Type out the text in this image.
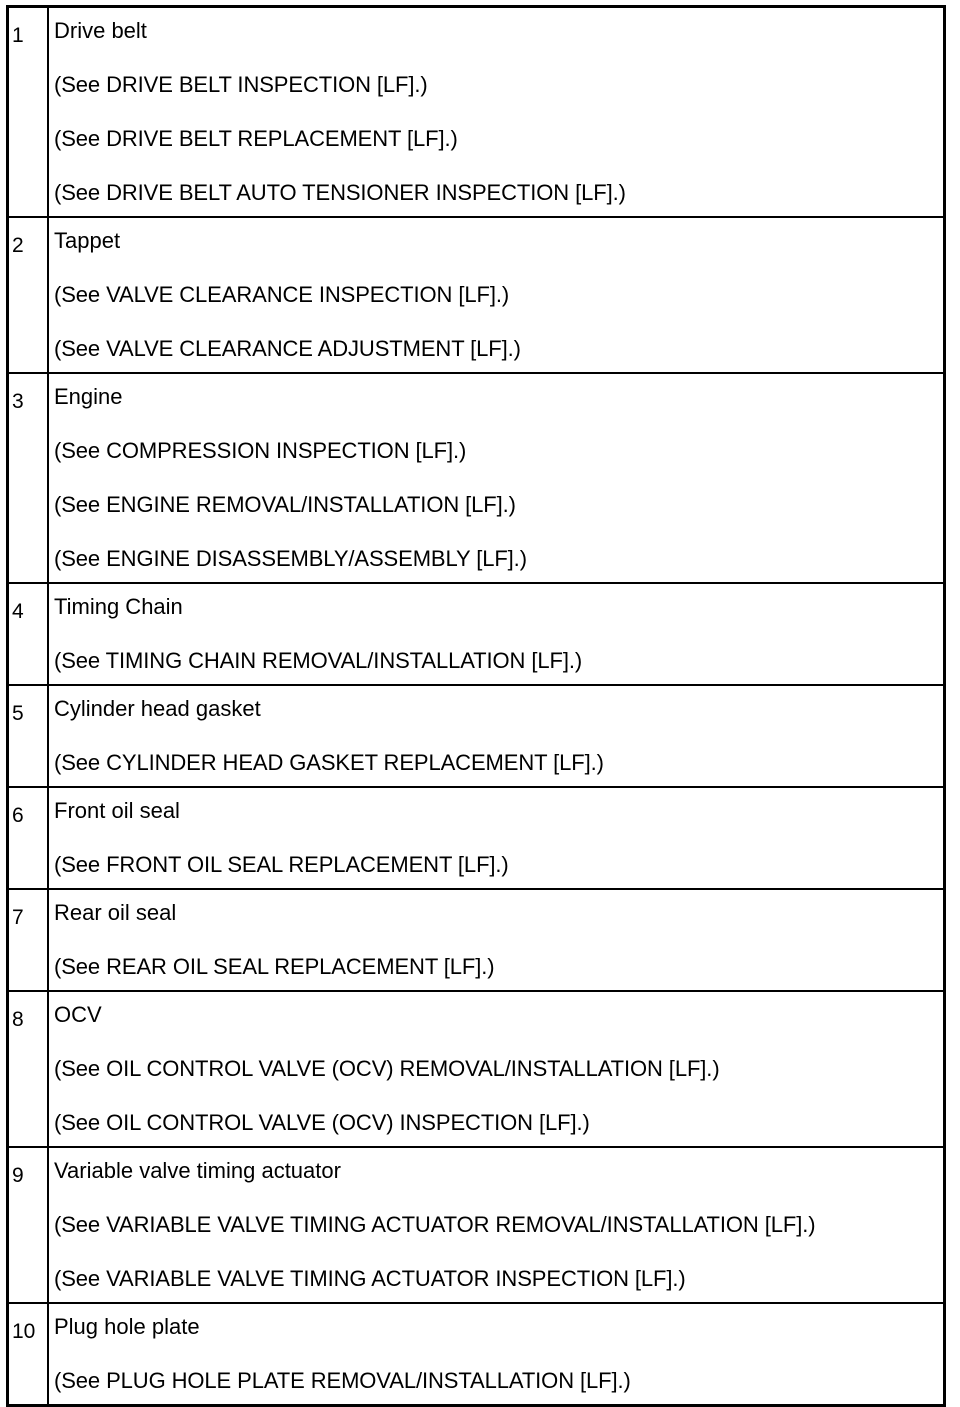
1	Drive belt
(See DRIVE BELT INSPECTION [LF].)
(See DRIVE BELT REPLACEMENT [LF].)
(See DRIVE BELT AUTO TENSIONER INSPECTION [LF].)

2	Tappet
(See VALVE CLEARANCE INSPECTION [LF].)
(See VALVE CLEARANCE ADJUSTMENT [LF].)

3	Engine
(See COMPRESSION INSPECTION [LF].)
(See ENGINE REMOVAL/INSTALLATION [LF].)
(See ENGINE DISASSEMBLY/ASSEMBLY [LF].)

4	Timing Chain
(See TIMING CHAIN REMOVAL/INSTALLATION [LF].)

5	Cylinder head gasket
(See CYLINDER HEAD GASKET REPLACEMENT [LF].)

6	Front oil seal
(See FRONT OIL SEAL REPLACEMENT [LF].)

7	Rear oil seal
(See REAR OIL SEAL REPLACEMENT [LF].)

8	OCV
(See OIL CONTROL VALVE (OCV) REMOVAL/INSTALLATION [LF].)
(See OIL CONTROL VALVE (OCV) INSPECTION [LF].)

9	Variable valve timing actuator
(See VARIABLE VALVE TIMING ACTUATOR REMOVAL/INSTALLATION [LF].)
(See VARIABLE VALVE TIMING ACTUATOR INSPECTION [LF].)

10	Plug hole plate
(See PLUG HOLE PLATE REMOVAL/INSTALLATION [LF].)
